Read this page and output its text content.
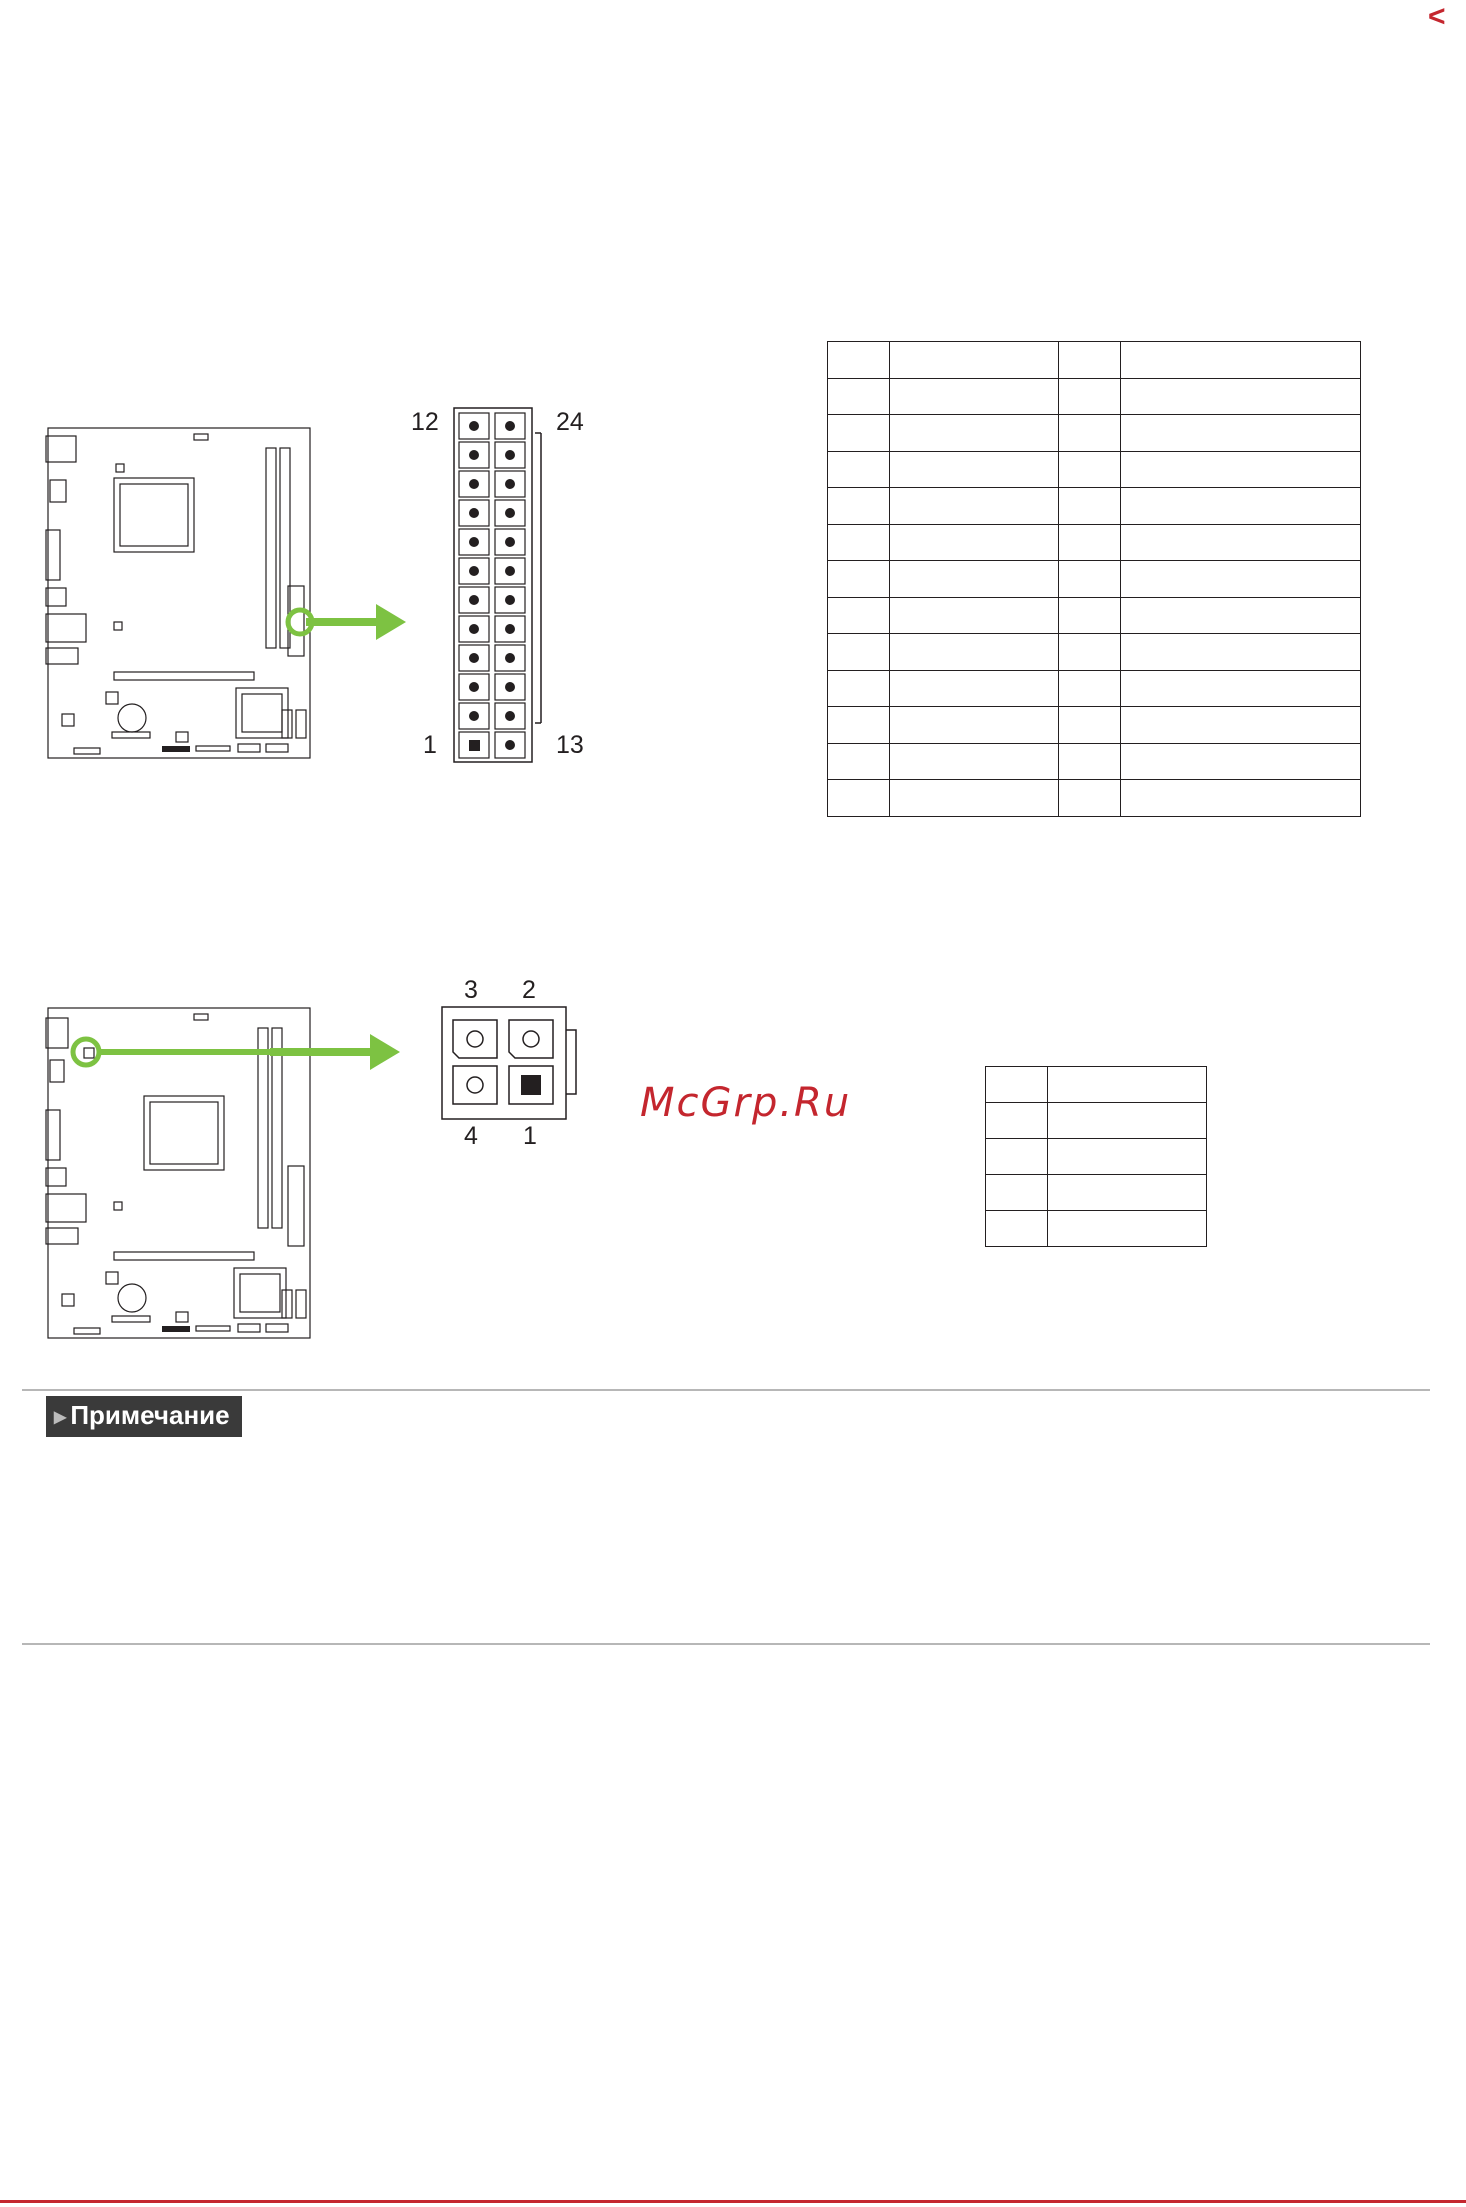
<
12	24
1	13

3 2
4 1
McGrp.Ru

▶ Примечание
